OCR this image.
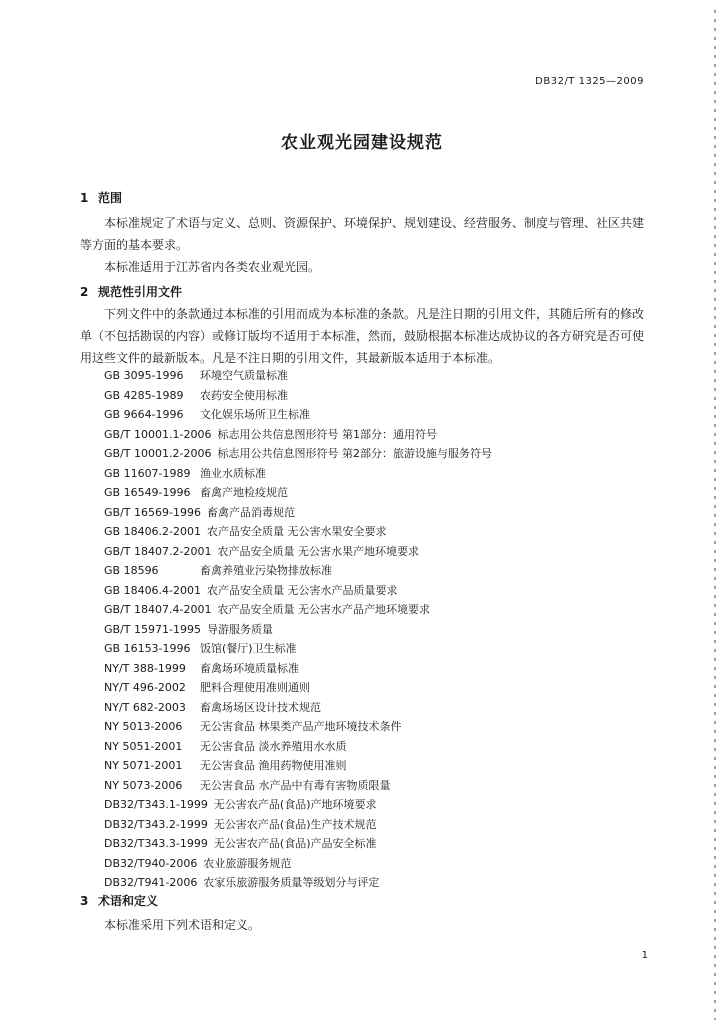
DB32/T 1325—2009
农业观光园建设规范
1 范围

本标准规定了术语与定义、总则、资源保护、环境保护、规划建设、经营服务、制度与管理、社区共建等方面的基本要求。

本标准适用于江苏省内各类农业观光园。

2 规范性引用文件

下列文件中的条款通过本标准的引用而成为本标准的条款。凡是注日期的引用文件，其随后所有的修改单（不包括勘误的内容）或修订版均不适用于本标准，然而，鼓励根据本标准达成协议的各方研究是否可使用这些文件的最新版本。凡是不注日期的引用文件，其最新版本适用于本标准。

GB 3095-1996 环境空气质量标准
GB 4285-1989 农药安全使用标准
GB 9664-1996 文化娱乐场所卫生标准
GB/T 10001.1-2006 标志用公共信息图形符号 第1部分：通用符号
GB/T 10001.2-2006 标志用公共信息图形符号 第2部分：旅游设施与服务符号
GB 11607-1989 渔业水质标准
GB 16549-1996 畜禽产地检疫规范
GB/T 16569-1996 畜禽产品消毒规范
GB 18406.2-2001 农产品安全质量 无公害水果安全要求
GB/T 18407.2-2001 农产品安全质量 无公害水果产地环境要求
GB 18596	畜禽养殖业污染物排放标准
GB 18406.4-2001 农产品安全质量 无公害水产品质量要求
GB/T 18407.4-2001 农产品安全质量 无公害水产品产地环境要求
GB/T 15971-1995 导游服务质量
GB 16153-1996 饭馆(餐厅)卫生标准
NY/T 388-1999 畜禽场环境质量标准
NY/T 496-2002 肥料合理使用准则通则
NY/T 682-2003 畜禽场场区设计技术规范
NY 5013-2006 无公害食品 林果类产品产地环境技术条件
NY 5051-2001 无公害食品 淡水养殖用水水质
NY 5071-2001 无公害食品 渔用药物使用准则
NY 5073-2006 无公害食品 水产品中有毒有害物质限量
DB32/T343.1-1999 无公害农产品(食品)产地环境要求
DB32/T343.2-1999 无公害农产品(食品)生产技术规范
DB32/T343.3-1999 无公害农产品(食品)产品安全标准
DB32/T940-2006 农业旅游服务规范
DB32/T941-2006 农家乐旅游服务质量等级划分与评定
3 术语和定义

本标准采用下列术语和定义。

1
